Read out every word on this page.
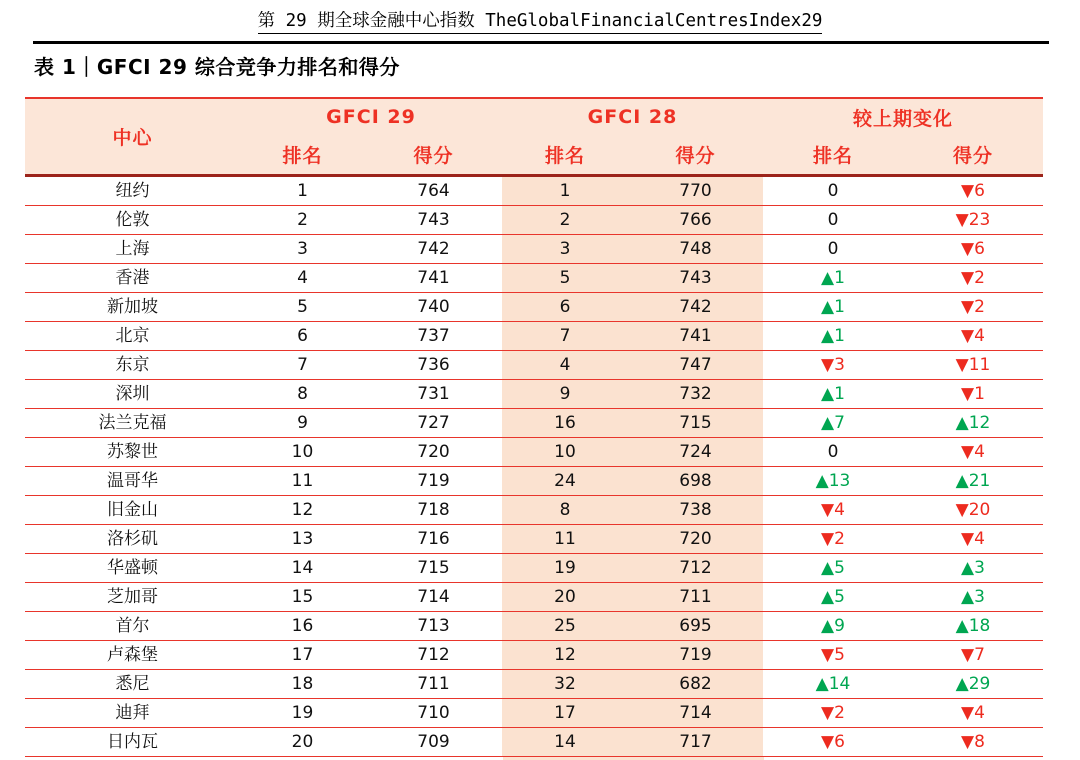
第 29 期全球金融中心指数 TheGlobalFinancialCentresIndex29
表 1｜GFCI 29 综合竞争力排名和得分
中心
GFCI 29	GFCI 28	较上期变化
排名	得分	排名	得分	排名	得分
纽约	1	764	1	770	0	▼6
伦敦	2	743	2	766	0	▼23
上海	3	742	3	748	0	▼6
香港	4	741	5	743	▲1	▼2
新加坡	5	740	6	742	▲1	▼2
北京	6	737	7	741	▲1	▼4
东京	7	736	4	747	▼3	▼11
深圳	8	731	9	732	▲1	▼1
法兰克福	9	727	16	715	▲7	▲12
苏黎世	10	720	10	724	0	▼4
温哥华	11	719	24	698	▲13	▲21
旧金山	12	718	8	738	▼4	▼20
洛杉矶	13	716	11	720	▼2	▼4
华盛顿	14	715	19	712	▲5	▲3
芝加哥	15	714	20	711	▲5	▲3
首尔	16	713	25	695	▲9	▲18
卢森堡	17	712	12	719	▼5	▼7
悉尼	18	711	32	682	▲14	▲29
迪拜	19	710	17	714	▼2	▼4
日内瓦	20	709	14	717	▼6	▼8
